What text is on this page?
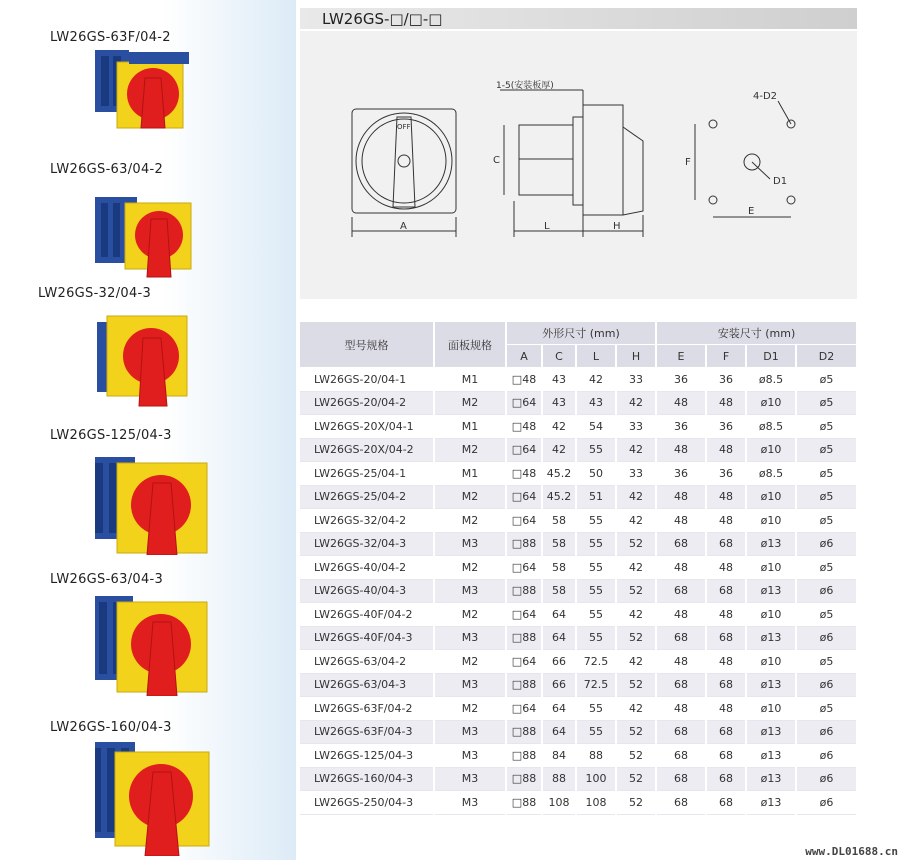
LW26GS-63F/04-2
LW26GS-63/04-2
LW26GS-32/04-3
LW26GS-125/04-3
LW26GS-63/04-3
LW26GS-160/04-3
LW26GS-□/□-□
OFF
A
C
L	H
1-5(安装板厚)
F
E
D1
4-D2
型号规格	面板规格	外形尺寸 (mm)				安装尺寸 (mm)			
		A	C	L	H	E	F	D1	D2
LW26GS-20/04-1	M1	□48	43	42	33	36	36	ø8.5	ø5
LW26GS-20/04-2	M2	□64	43	43	42	48	48	ø10	ø5
LW26GS-20X/04-1	M1	□48	42	54	33	36	36	ø8.5	ø5
LW26GS-20X/04-2	M2	□64	42	55	42	48	48	ø10	ø5
LW26GS-25/04-1	M1	□48	45.2	50	33	36	36	ø8.5	ø5
LW26GS-25/04-2	M2	□64	45.2	51	42	48	48	ø10	ø5
LW26GS-32/04-2	M2	□64	58	55	42	48	48	ø10	ø5
LW26GS-32/04-3	M3	□88	58	55	52	68	68	ø13	ø6
LW26GS-40/04-2	M2	□64	58	55	42	48	48	ø10	ø5
LW26GS-40/04-3	M3	□88	58	55	52	68	68	ø13	ø6
LW26GS-40F/04-2	M2	□64	64	55	42	48	48	ø10	ø5
LW26GS-40F/04-3	M3	□88	64	55	52	68	68	ø13	ø6
LW26GS-63/04-2	M2	□64	66	72.5	42	48	48	ø10	ø5
LW26GS-63/04-3	M3	□88	66	72.5	52	68	68	ø13	ø6
LW26GS-63F/04-2	M2	□64	64	55	42	48	48	ø10	ø5
LW26GS-63F/04-3	M3	□88	64	55	52	68	68	ø13	ø6
LW26GS-125/04-3	M3	□88	84	88	52	68	68	ø13	ø6
LW26GS-160/04-3	M3	□88	88	100	52	68	68	ø13	ø6
LW26GS-250/04-3	M3	□88	108	108	52	68	68	ø13	ø6
www.DL01688.cn
